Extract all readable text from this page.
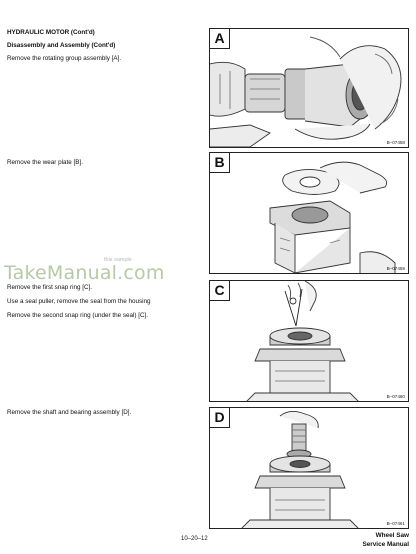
HYDRAULIC MOTOR (Cont'd)
Disassembly and Assembly (Cont'd)
Remove the rotating group assembly [A].
Remove the wear plate [B].
TakeManual.com
this sample
Remove the first snap ring [C].
Use a seal puller, remove the seal from the housing
Remove the second snap ring (under the seal) [C].
Remove the shaft and bearing assembly [D].
A
B–07458
B
B–07459
C
B–07460
D
B–07461
10–20–12	Wheel Saw
Service Manual
